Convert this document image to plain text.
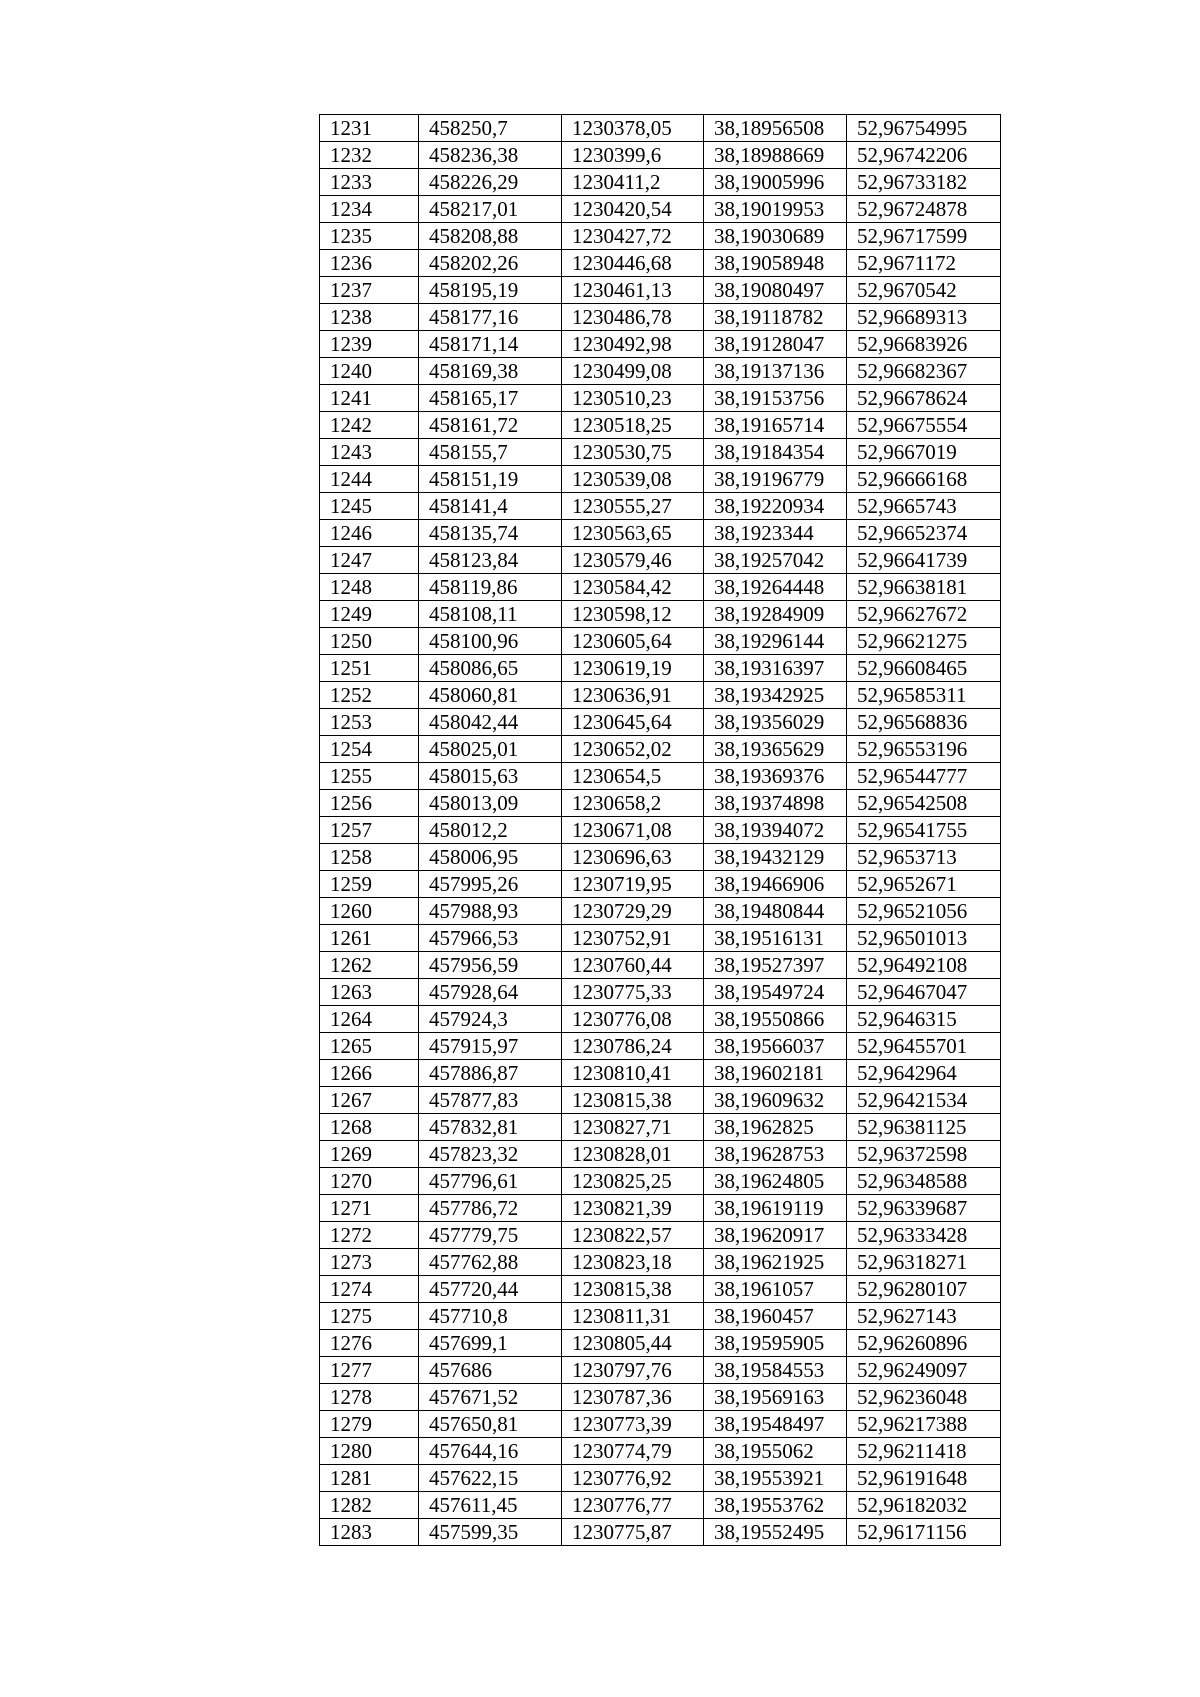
1231	458250,7	1230378,05	38,18956508	52,96754995
1232	458236,38	1230399,6	38,18988669	52,96742206
1233	458226,29	1230411,2	38,19005996	52,96733182
1234	458217,01	1230420,54	38,19019953	52,96724878
1235	458208,88	1230427,72	38,19030689	52,96717599
1236	458202,26	1230446,68	38,19058948	52,9671172
1237	458195,19	1230461,13	38,19080497	52,9670542
1238	458177,16	1230486,78	38,19118782	52,96689313
1239	458171,14	1230492,98	38,19128047	52,96683926
1240	458169,38	1230499,08	38,19137136	52,96682367
1241	458165,17	1230510,23	38,19153756	52,96678624
1242	458161,72	1230518,25	38,19165714	52,96675554
1243	458155,7	1230530,75	38,19184354	52,9667019
1244	458151,19	1230539,08	38,19196779	52,96666168
1245	458141,4	1230555,27	38,19220934	52,9665743
1246	458135,74	1230563,65	38,1923344	52,96652374
1247	458123,84	1230579,46	38,19257042	52,96641739
1248	458119,86	1230584,42	38,19264448	52,96638181
1249	458108,11	1230598,12	38,19284909	52,96627672
1250	458100,96	1230605,64	38,19296144	52,96621275
1251	458086,65	1230619,19	38,19316397	52,96608465
1252	458060,81	1230636,91	38,19342925	52,96585311
1253	458042,44	1230645,64	38,19356029	52,96568836
1254	458025,01	1230652,02	38,19365629	52,96553196
1255	458015,63	1230654,5	38,19369376	52,96544777
1256	458013,09	1230658,2	38,19374898	52,96542508
1257	458012,2	1230671,08	38,19394072	52,96541755
1258	458006,95	1230696,63	38,19432129	52,9653713
1259	457995,26	1230719,95	38,19466906	52,9652671
1260	457988,93	1230729,29	38,19480844	52,96521056
1261	457966,53	1230752,91	38,19516131	52,96501013
1262	457956,59	1230760,44	38,19527397	52,96492108
1263	457928,64	1230775,33	38,19549724	52,96467047
1264	457924,3	1230776,08	38,19550866	52,9646315
1265	457915,97	1230786,24	38,19566037	52,96455701
1266	457886,87	1230810,41	38,19602181	52,9642964
1267	457877,83	1230815,38	38,19609632	52,96421534
1268	457832,81	1230827,71	38,1962825	52,96381125
1269	457823,32	1230828,01	38,19628753	52,96372598
1270	457796,61	1230825,25	38,19624805	52,96348588
1271	457786,72	1230821,39	38,19619119	52,96339687
1272	457779,75	1230822,57	38,19620917	52,96333428
1273	457762,88	1230823,18	38,19621925	52,96318271
1274	457720,44	1230815,38	38,1961057	52,96280107
1275	457710,8	1230811,31	38,1960457	52,9627143
1276	457699,1	1230805,44	38,19595905	52,96260896
1277	457686	1230797,76	38,19584553	52,96249097
1278	457671,52	1230787,36	38,19569163	52,96236048
1279	457650,81	1230773,39	38,19548497	52,96217388
1280	457644,16	1230774,79	38,1955062	52,96211418
1281	457622,15	1230776,92	38,19553921	52,96191648
1282	457611,45	1230776,77	38,19553762	52,96182032
1283	457599,35	1230775,87	38,19552495	52,96171156
